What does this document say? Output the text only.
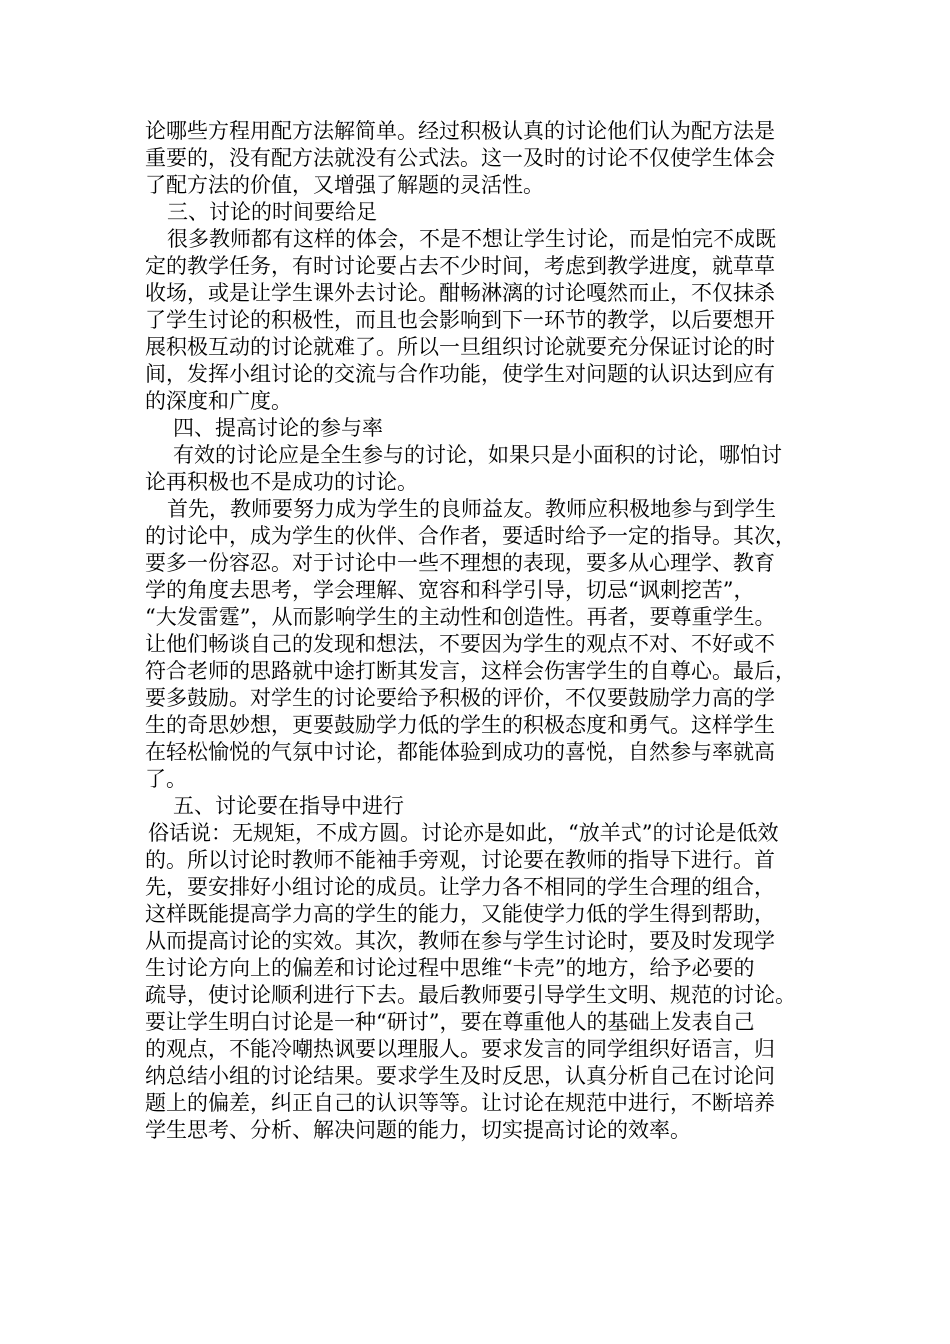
论哪些方程用配方法解简单。经过积极认真的讨论他们认为配方法是
重要的，没有配方法就没有公式法。这一及时的讨论不仅使学生体会
了配方法的价值，又增强了解题的灵活性。
三、讨论的时间要给足
很多教师都有这样的体会，不是不想让学生讨论，而是怕完不成既
定的教学任务，有时讨论要占去不少时间，考虑到教学进度，就草草
收场，或是让学生课外去讨论。酣畅淋漓的讨论嘎然而止，不仅抹杀
了学生讨论的积极性，而且也会影响到下一环节的教学，以后要想开
展积极互动的讨论就难了。所以一旦组织讨论就要充分保证讨论的时
间，发挥小组讨论的交流与合作功能，使学生对问题的认识达到应有
的深度和广度。
四、提高讨论的参与率
有效的讨论应是全生参与的讨论，如果只是小面积的讨论，哪怕讨
论再积极也不是成功的讨论。
首先，教师要努力成为学生的良师益友。教师应积极地参与到学生
的讨论中，成为学生的伙伴、合作者，要适时给予一定的指导。其次，
要多一份容忍。对于讨论中一些不理想的表现，要多从心理学、教育
学的角度去思考，学会理解、宽容和科学引导，切忌“讽刺挖苦”，
“大发雷霆”，从而影响学生的主动性和创造性。再者，要尊重学生。
让他们畅谈自己的发现和想法，不要因为学生的观点不对、不好或不
符合老师的思路就中途打断其发言，这样会伤害学生的自尊心。最后，
要多鼓励。对学生的讨论要给予积极的评价，不仅要鼓励学力高的学
生的奇思妙想，更要鼓励学力低的学生的积极态度和勇气。这样学生
在轻松愉悦的气氛中讨论，都能体验到成功的喜悦，自然参与率就高
了。
五、讨论要在指导中进行
俗话说：无规矩，不成方圆。讨论亦是如此，“放羊式”的讨论是低效
的。所以讨论时教师不能袖手旁观，讨论要在教师的指导下进行。首
先，要安排好小组讨论的成员。让学力各不相同的学生合理的组合，
这样既能提高学力高的学生的能力，又能使学力低的学生得到帮助，
从而提高讨论的实效。其次，教师在参与学生讨论时，要及时发现学
生讨论方向上的偏差和讨论过程中思维“卡壳”的地方，给予必要的
疏导，使讨论顺利进行下去。最后教师要引导学生文明、规范的讨论。
要让学生明白讨论是一种“研讨”，要在尊重他人的基础上发表自己
的观点，不能冷嘲热讽要以理服人。要求发言的同学组织好语言，归
纳总结小组的讨论结果。要求学生及时反思，认真分析自己在讨论问
题上的偏差，纠正自己的认识等等。让讨论在规范中进行，不断培养
学生思考、分析、解决问题的能力，切实提高讨论的效率。
